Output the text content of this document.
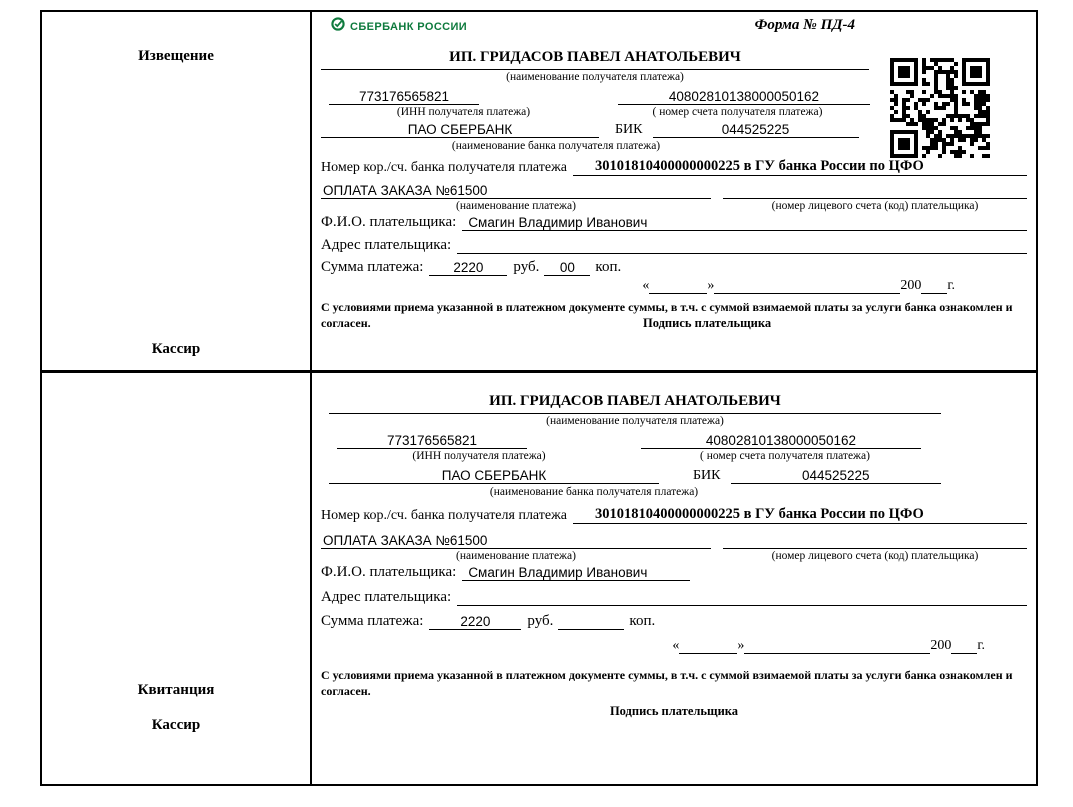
Извещение
Кассир
СБЕРБАНК РОССИИ	Форма № ПД-4
ИП. ГРИДАСОВ ПАВЕЛ АНАТОЛЬЕВИЧ
(наименование получателя платежа)
773176565821	40802810138000050162
(ИНН получателя платежа)	( номер счета получателя платежа)
ПАО СБЕРБАНК	БИК	044525225
(наименование банка получателя платежа)
Номер кор./сч. банка получателя платежа	30101810400000000225 в ГУ банка России по ЦФО
ОПЛАТА ЗАКАЗА №61500
(наименование платежа)	(номер лицевого счета (код) плательщика)
Ф.И.О. плательщика: Смагин Владимир Иванович
Адрес плательщика:
Сумма платежа:	2220	руб.	00	коп.
«	»	200 г.
С условиями приема указанной в платежном документе суммы, в т.ч. с суммой взимаемой платы за услуги банка ознакомлен и согласен.	Подпись плательщика
Квитанция
Кассир
ИП. ГРИДАСОВ ПАВЕЛ АНАТОЛЬЕВИЧ
(наименование получателя платежа)
773176565821	40802810138000050162
(ИНН получателя платежа)	( номер счета получателя платежа)
ПАО СБЕРБАНК	БИК	044525225
(наименование банка получателя платежа)
Номер кор./сч. банка получателя платежа	30101810400000000225 в ГУ банка России по ЦФО
ОПЛАТА ЗАКАЗА №61500
(наименование платежа)	(номер лицевого счета (код) плательщика)
Ф.И.О. плательщика: Смагин Владимир Иванович
Адрес плательщика:
Сумма платежа:	2220	руб.	коп.
«	»	200 г.
С условиями приема указанной в платежном документе суммы, в т.ч. с суммой взимаемой платы за услуги банка ознакомлен и согласен.
Подпись плательщика
